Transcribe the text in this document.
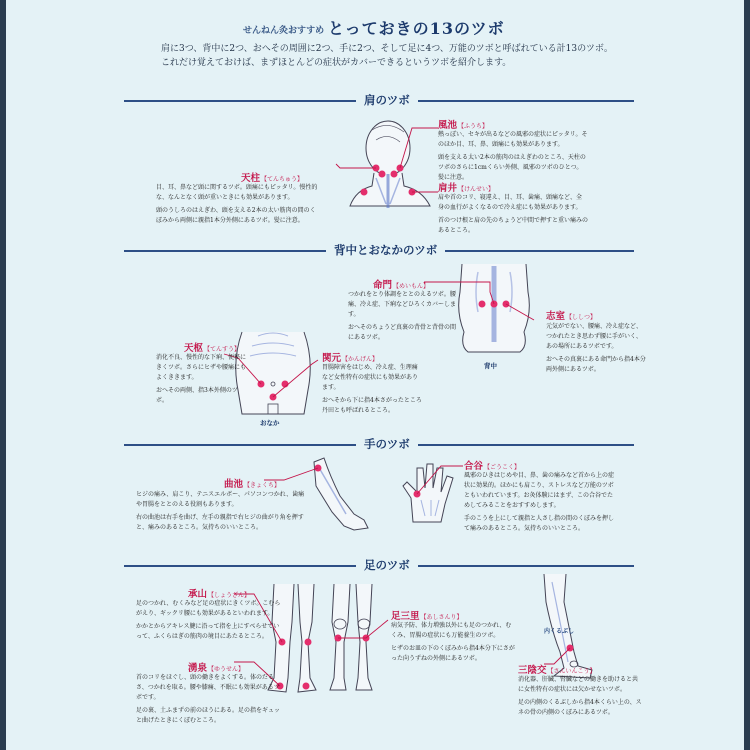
せんねん灸おすすめ とっておきの13のツボ
肩に3つ、背中に2つ、おへその周囲に2つ、手に2つ、そして足に4つ、万能のツボと呼ばれている計13のツボ。
これだけ覚えておけば、まずほとんどの症状がカバーできるというツボを紹介します。
肩のツボ
背中とおなかのツボ
手のツボ
足のツボ
風池【ふうち】

熱っぽい、セキが出るなどの風邪の症状にピッタリ。そのほか目、耳、鼻、頭痛にも効果があります。

頭を支える太い2本の筋肉のはえぎわのところ、天柱のツボのさらに1cmくらい外側、風邪のツボのひとつ。髪に注意。

天柱【てんちゅう】

目、耳、鼻など頭に関するツボ。頭痛にもピッタリ。慢性的な、なんとなく頭が重いときにも効果があります。

頭のうしろのはえぎわ、頭を支える2本の太い筋肉の間のくぼみから両側に親指1本分外側にあるツボ。髪に注意。

肩井【けんせい】

肩や首のコリ、寝違え、目、耳、歯痛、頭痛など、全身の血行がよくなるので冷え症にも効果があります。

首のつけ根と肩の先のちょうど中間で押すと重い痛みのあるところ。

背中
命門【めいもん】

つかれをとり体調をととのえるツボ。腰痛、冷え症、下痢などひろくカバーします。

おへそのちょうど真裏の背骨と背骨の間にあるツボ。

志室【ししつ】

元気がでない、腰痛、冷え症など、つかれたとき思わず腰に手がいく、あの場所にあるツボです。

おへその真裏にある命門から指4本分両外側にあるツボ。

おなか
天枢【てんすう】

消化不良、慢性的な下痢、便秘にきくツボ。さらにヒザや腰痛にもよくききます。

おへその両側、指3本外側のツボ。

関元【かんげん】

胃腸障害をはじめ、冷え症、生理痛など女性特有の症状にも効果があります。

おへそから下に指4本さがったところ丹田とも呼ばれるところ。

曲池【きょくち】

ヒジの痛み、肩こり、テニスエルボー、パソコンつかれ、歯痛や胃腸をととのえる役割もあります。

右の曲池は右手を曲げ、左手の親指で右ヒジの曲がり角を押すと、痛みのあるところ。気持ちのいいところ。

合谷【ごうこく】

風邪のひきはじめや目、鼻、歯の痛みなど首から上の症状に効果的。ほかにも肩こり、ストレスなど万能のツボともいわれています。お灸体験にはまず、この合谷でためしてみることをおすすめします。

手のこうを上にして親指と人さし指の間のくぼみを押して痛みのあるところ。気持ちのいいところ。

承山【しょうざん】

足のつかれ、むくみなど足の症状にきくツボ。こむらがえり、ギックリ腰にも効果があるといわれます。

かかとからアキレス腱に沿って指を上にすべらせていって、ふくらはぎの筋肉の境目にあたるところ。

湧泉【ゆうせん】

首のコリをほぐし、頭の働きをよくする。体のだるさ、つかれを取る。腰や膝痛、不眠にも効果があるツボです。

足の裏、土ふまずの前のほうにある。足の指をギュッと曲げたときにくぼむところ。

足三里【あしさんり】

病気予防、体力増強以外にも足のつかれ、むくみ、胃腸の症状にも万能養生のツボ。

ヒザのお皿の下のくぼみから指4本分下にさがった向うずねの外側にあるツボ。

内くるぶし
三陰交【さんいんこう】

消化器、肝臓、腎臓などの働きを助けると共に女性特有の症状には欠かせないツボ。

足の内側のくるぶしから指4本くらい上の、スネの骨の内側のくぼみにあるツボ。
